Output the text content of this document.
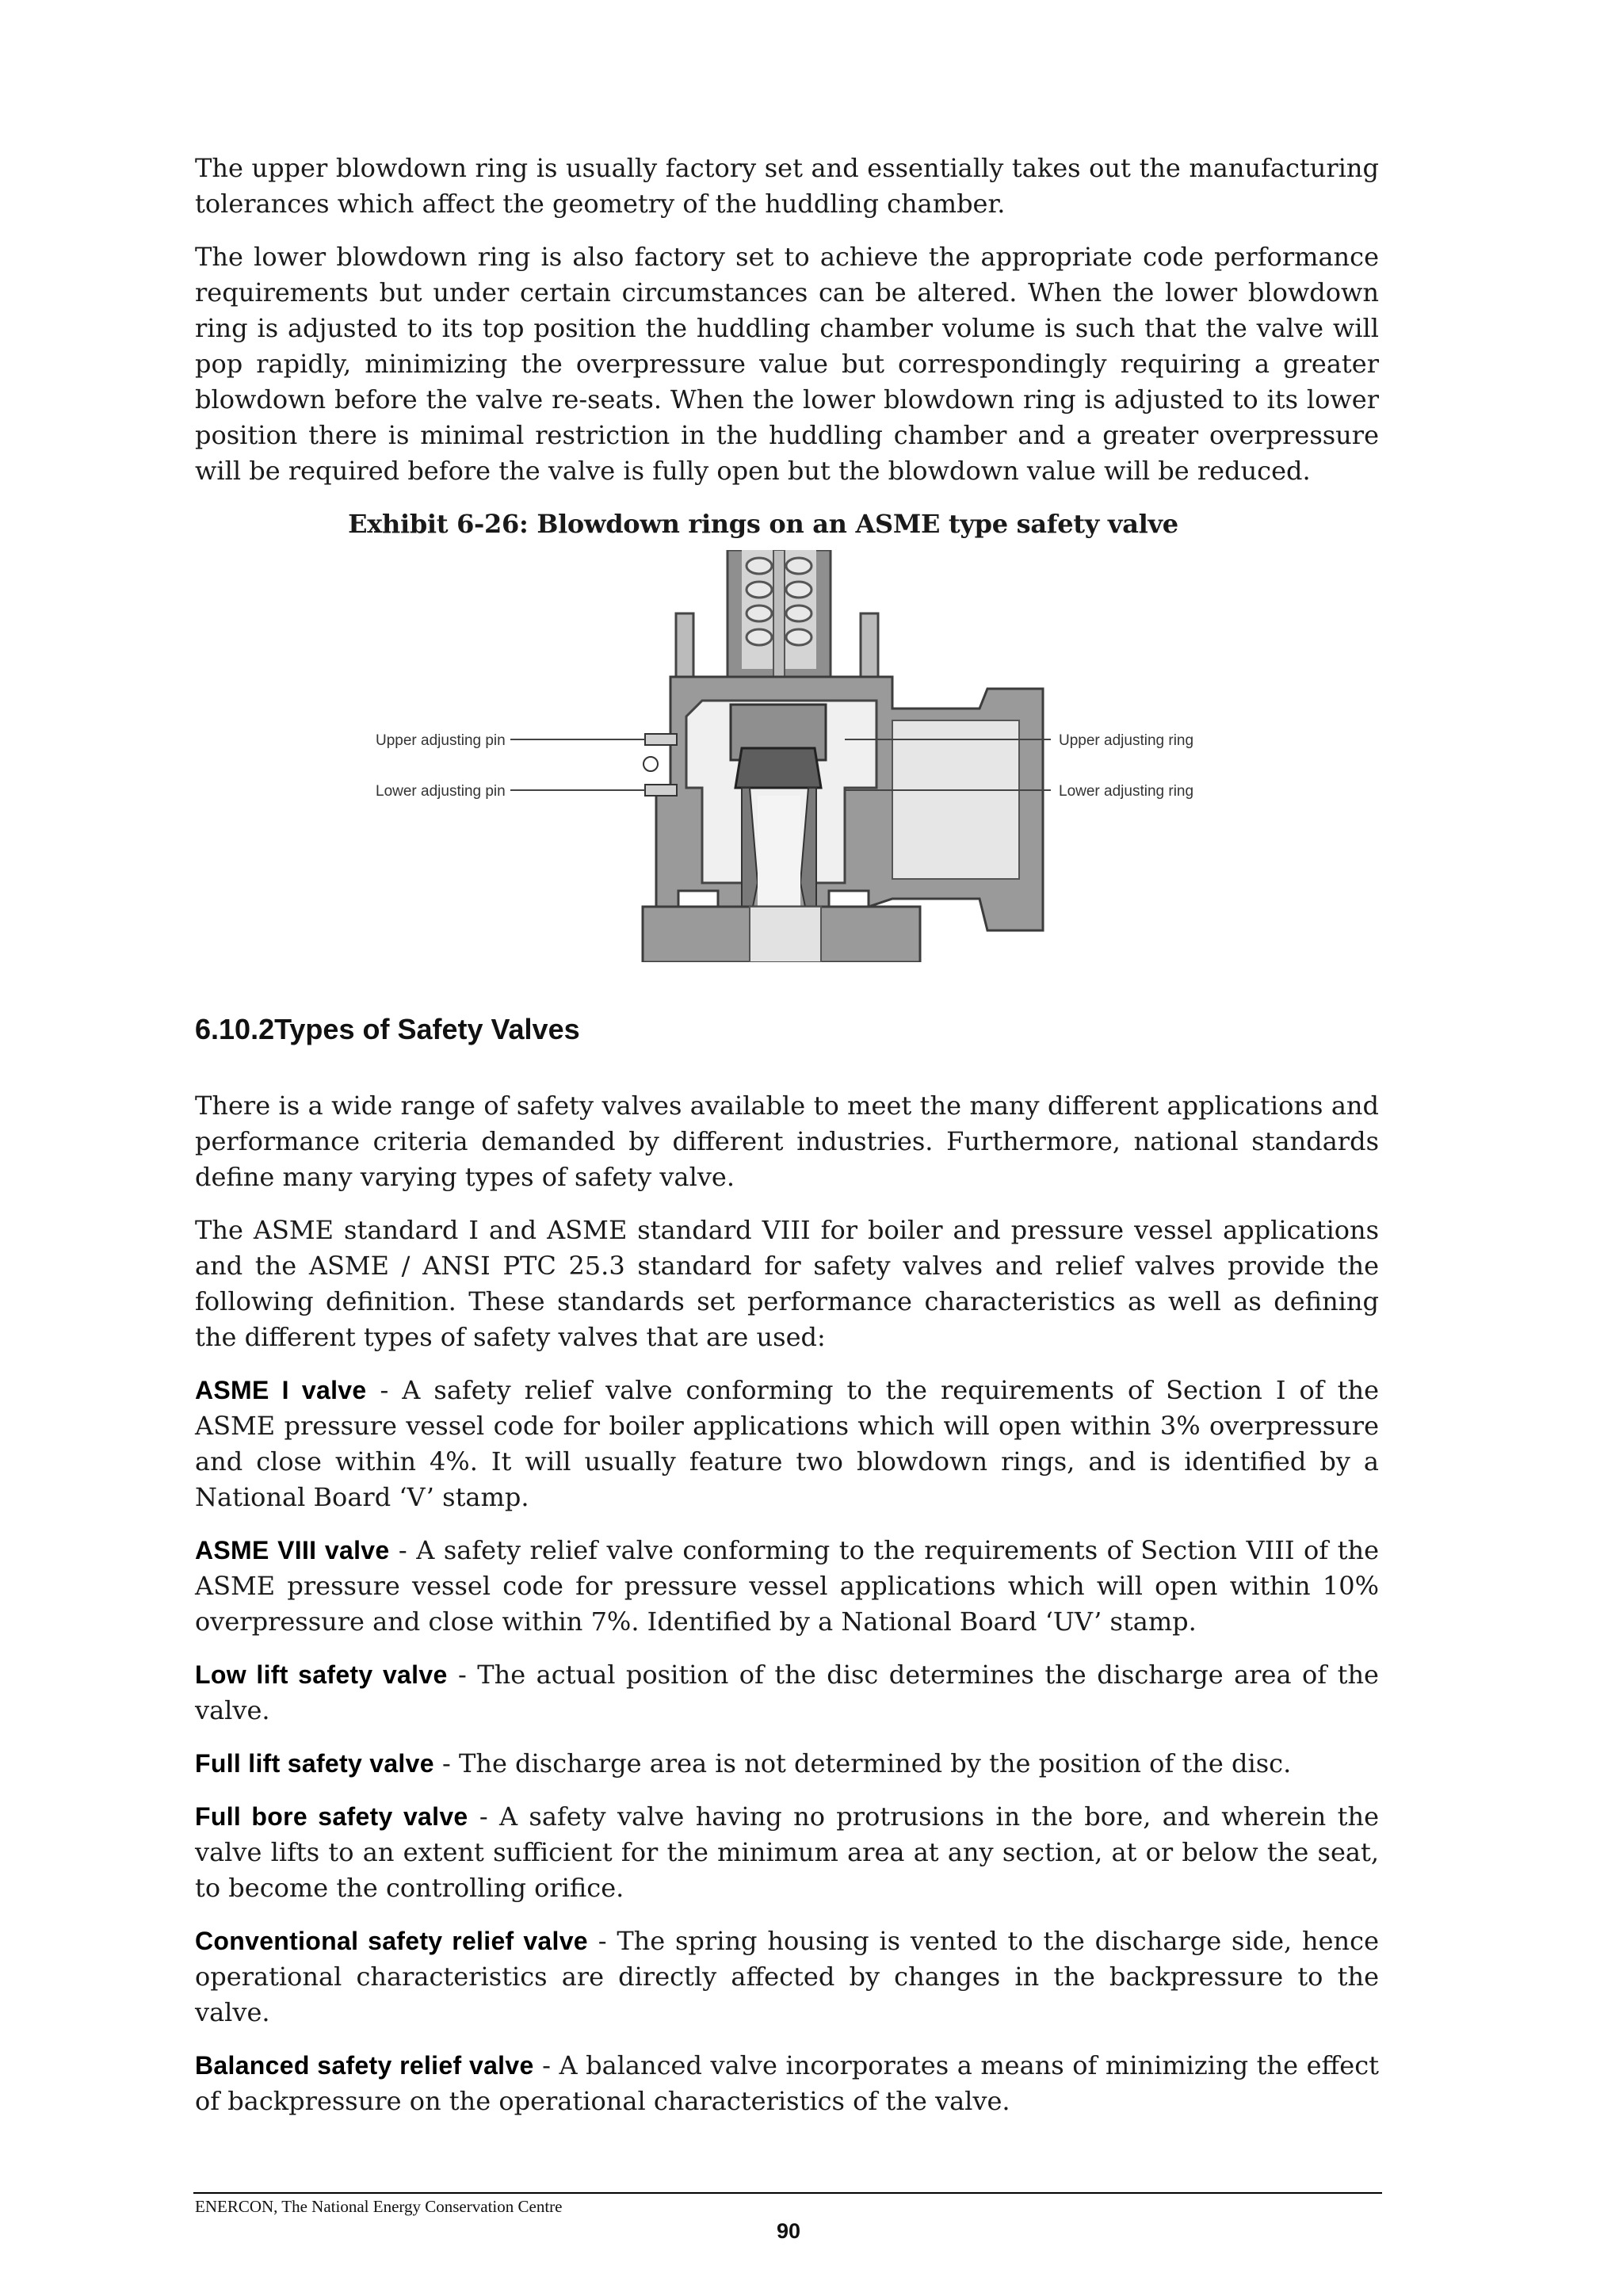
The upper blowdown ring is usually factory set and essentially takes out the manufacturing tolerances which affect the geometry of the huddling chamber.

The lower blowdown ring is also factory set to achieve the appropriate code performance requirements but under certain circumstances can be altered. When the lower blowdown ring is adjusted to its top position the huddling chamber volume is such that the valve will pop rapidly, minimizing the overpressure value but correspondingly requiring a greater blowdown before the valve re-seats. When the lower blowdown ring is adjusted to its lower position there is minimal restriction in the huddling chamber and a greater overpressure will be required before the valve is fully open but the blowdown value will be reduced.

Exhibit 6-26: Blowdown rings on an ASME type safety valve
Upper adjusting pin
Lower adjusting pin
Upper adjusting ring
Lower adjusting ring
6.10.2Types of Safety Valves

There is a wide range of safety valves available to meet the many different applications and performance criteria demanded by different industries. Furthermore, national standards define many varying types of safety valve.

The ASME standard I and ASME standard VIII for boiler and pressure vessel applications and the ASME / ANSI PTC 25.3 standard for safety valves and relief valves provide the following definition. These standards set performance characteristics as well as defining the different types of safety valves that are used:

ASME I valve - A safety relief valve conforming to the requirements of Section I of the ASME pressure vessel code for boiler applications which will open within 3% overpressure and close within 4%. It will usually feature two blowdown rings, and is identified by a National Board ‘V’ stamp.

ASME VIII valve - A safety relief valve conforming to the requirements of Section VIII of the ASME pressure vessel code for pressure vessel applications which will open within 10% overpressure and close within 7%. Identified by a National Board ‘UV’ stamp.

Low lift safety valve - The actual position of the disc determines the discharge area of the valve.

Full lift safety valve - The discharge area is not determined by the position of the disc.

Full bore safety valve - A safety valve having no protrusions in the bore, and wherein the valve lifts to an extent sufficient for the minimum area at any section, at or below the seat, to become the controlling orifice.

Conventional safety relief valve - The spring housing is vented to the discharge side, hence operational characteristics are directly affected by changes in the backpressure to the valve.

Balanced safety relief valve - A balanced valve incorporates a means of minimizing the effect of backpressure on the operational characteristics of the valve.

ENERCON, The National Energy Conservation Centre
90
